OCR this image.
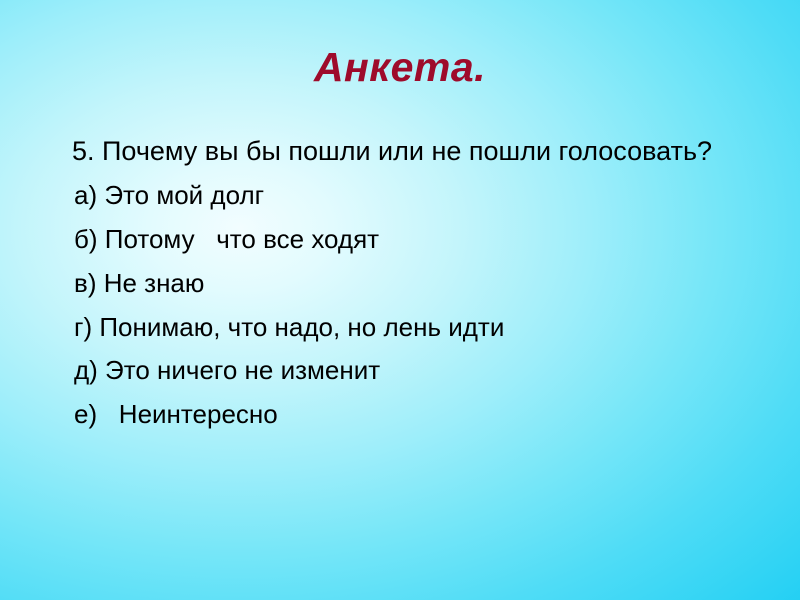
Анкета.

5. Почему вы бы пошли или не пошли голосовать?

а) Это мой долг

б) Потому   что все ходят

в) Не знаю

г) Понимаю, что надо, но лень идти

д) Это ничего не изменит

е)   Неинтересно
